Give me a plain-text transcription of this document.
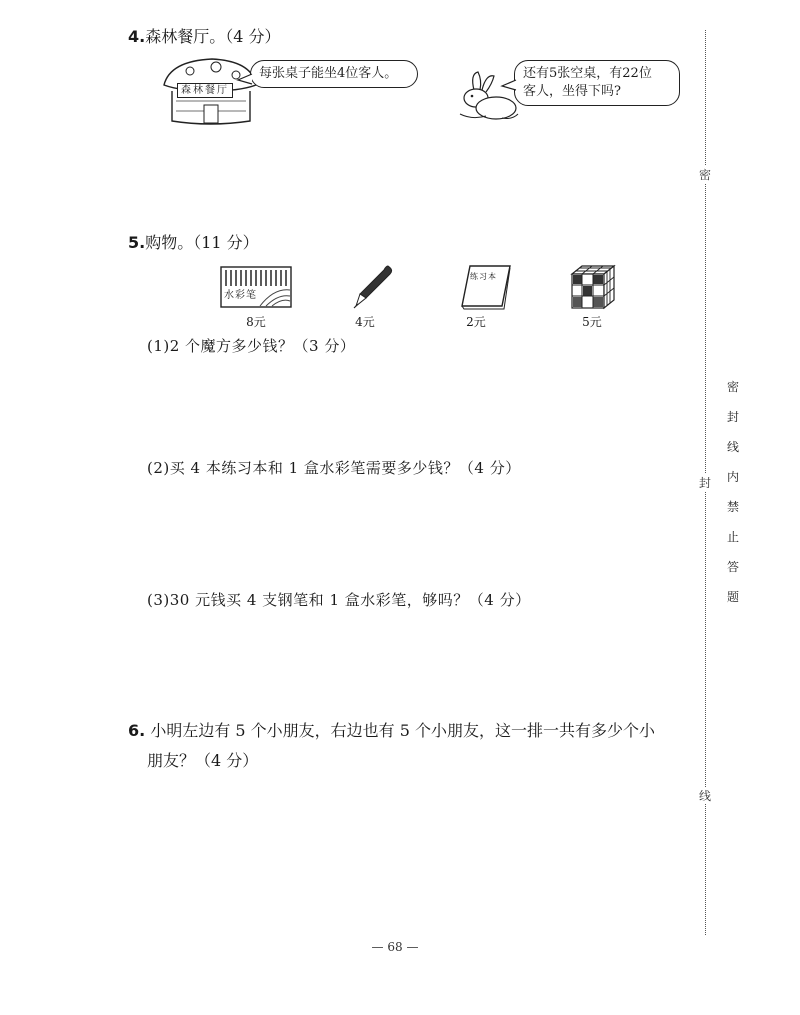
4.森林餐厅。（4 分）
森林餐厅
每张桌子能坐4位客人。	还有5张空桌，有22位
客人，坐得下吗?
5.购物。（11 分）
水彩笔
练习本
8元	4元	2元	5元
(1)2 个魔方多少钱？（3 分）
(2)买 4 本练习本和 1 盒水彩笔需要多少钱？（4 分）
(3)30 元钱买 4 支钢笔和 1 盒水彩笔，够吗？（4 分）
6. 小明左边有 5 个小朋友，右边也有 5 个小朋友，这一排一共有多少个小
朋友？（4 分）
密
封
线
密
封
线
内
禁
止
答
题
— 68 —
